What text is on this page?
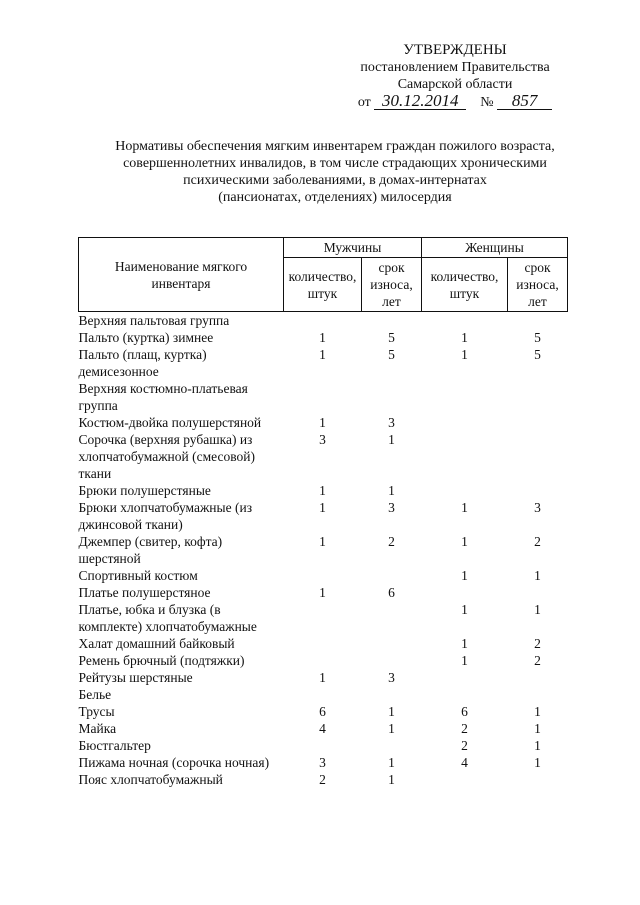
УТВЕРЖДЕНЫ
постановлением Правительства
Самарской области
от 30.12.2014 № 857
Нормативы обеспечения мягким инвентарем граждан пожилого возраста,
совершеннолетних инвалидов, в том числе страдающих хроническими
психическими заболеваниями, в домах-интернатах
(пансионатах, отделениях) милосердия
Наименование мягкого инвентаря	Мужчины		Женщины	
	количество, штук	срок износа, лет	количество, штук	срок износа, лет
Верхняя пальтовая группа				
Пальто (куртка) зимнее	1	5	1	5
Пальто (плащ, куртка) демисезонное	1	5	1	5
Верхняя костюмно-платьевая группа				
Костюм-двойка полушерстяной	1	3		
Сорочка (верхняя рубашка) из хлопчатобумажной (смесовой) ткани	3	1		
Брюки полушерстяные	1	1		
Брюки хлопчатобумажные (из джинсовой ткани)	1	3	1	3
Джемпер (свитер, кофта) шерстяной	1	2	1	2
Спортивный костюм			1	1
Платье полушерстяное	1	6		
Платье, юбка и блузка (в комплекте) хлопчатобумажные			1	1
Халат домашний байковый			1	2
Ремень брючный (подтяжки)			1	2
Рейтузы шерстяные	1	3		
Белье				
Трусы	6	1	6	1
Майка	4	1	2	1
Бюстгальтер			2	1
Пижама ночная (сорочка ночная)	3	1	4	1
Пояс хлопчатобумажный	2	1		
